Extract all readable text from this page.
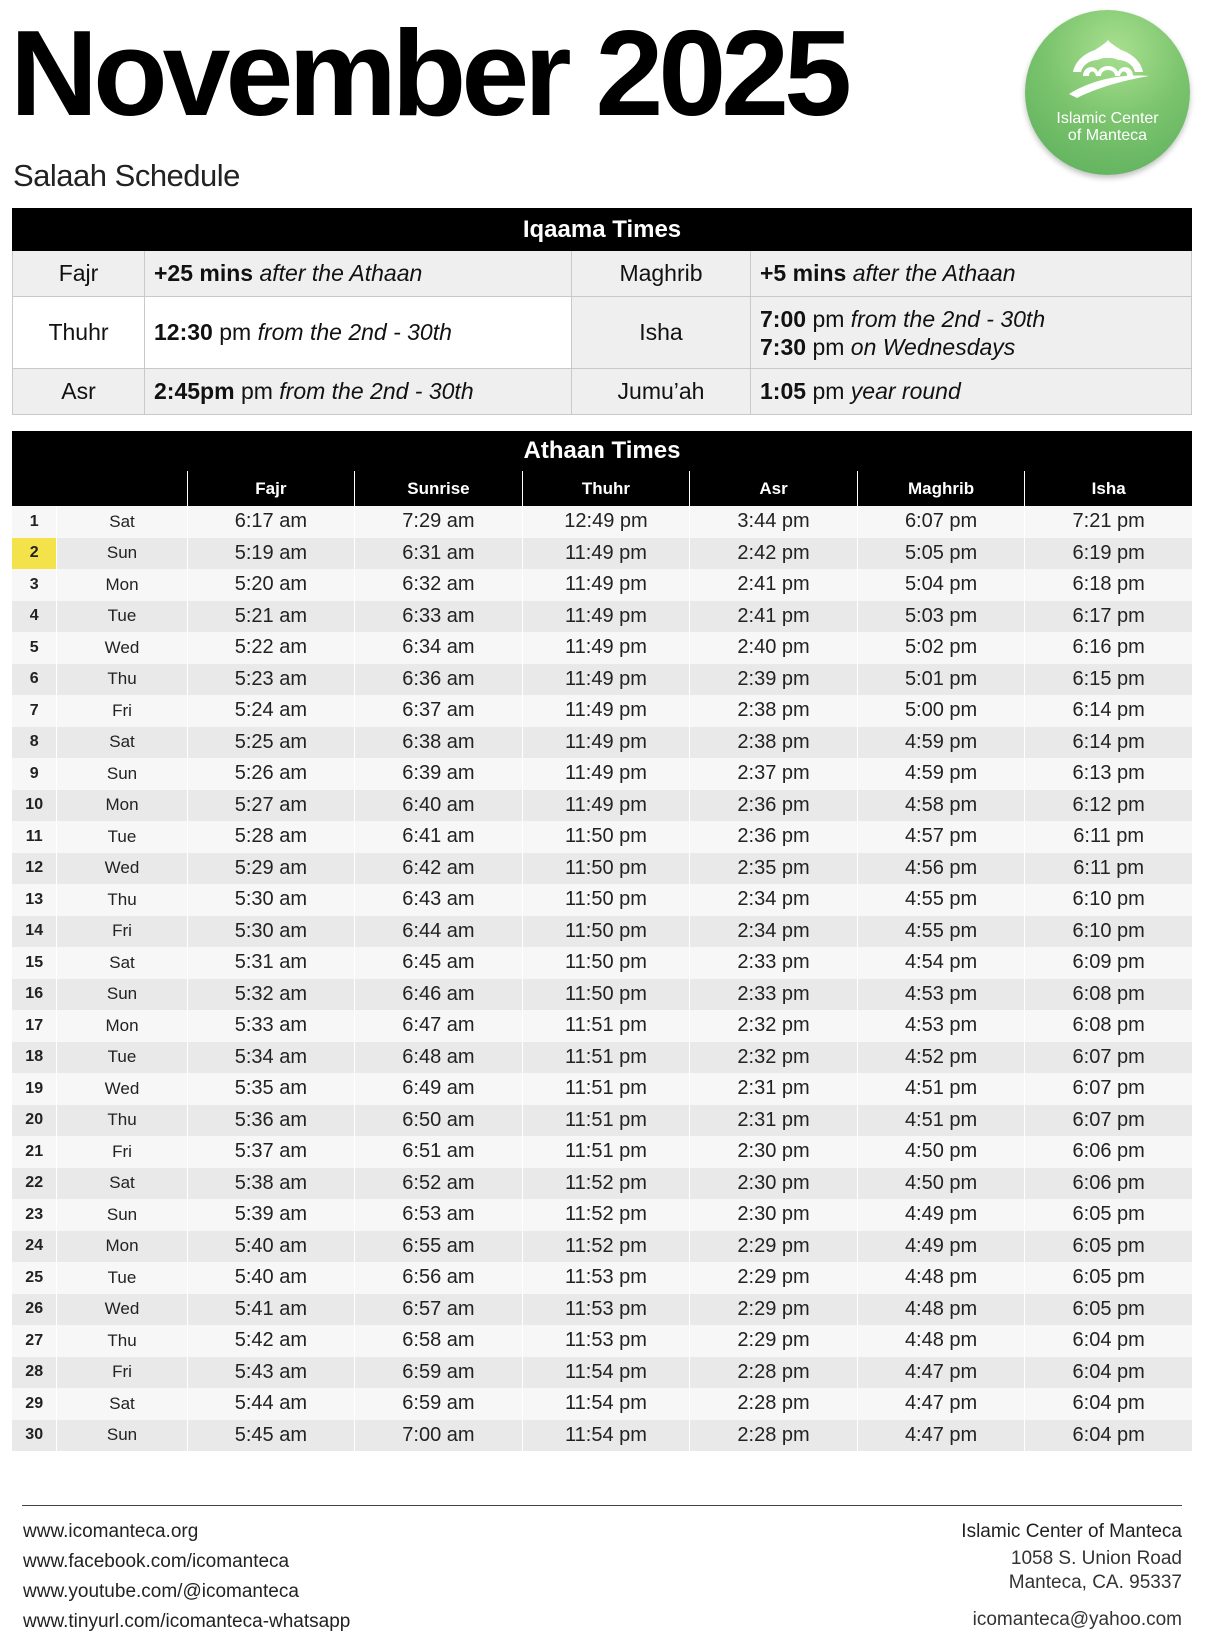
November 2025
Salaah Schedule
Islamic Center
of Manteca
Iqaama Times			
Fajr	+25 mins after the Athaan	Maghrib	+5 mins after the Athaan
Thuhr	12:30 pm from the 2nd - 30th	Isha	7:00 pm from the 2nd - 30th
7:30 pm on Wednesdays

Asr	2:45pm pm from the 2nd - 30th	Jumu’ah	1:05 pm year round
Athaan Times							
		Fajr	Sunrise	Thuhr	Asr	Maghrib	Isha
1	Sat	6:17 am	7:29 am	12:49 pm	3:44 pm	6:07 pm	7:21 pm
2	Sun	5:19 am	6:31 am	11:49 pm	2:42 pm	5:05 pm	6:19 pm
3	Mon	5:20 am	6:32 am	11:49 pm	2:41 pm	5:04 pm	6:18 pm
4	Tue	5:21 am	6:33 am	11:49 pm	2:41 pm	5:03 pm	6:17 pm
5	Wed	5:22 am	6:34 am	11:49 pm	2:40 pm	5:02 pm	6:16 pm
6	Thu	5:23 am	6:36 am	11:49 pm	2:39 pm	5:01 pm	6:15 pm
7	Fri	5:24 am	6:37 am	11:49 pm	2:38 pm	5:00 pm	6:14 pm
8	Sat	5:25 am	6:38 am	11:49 pm	2:38 pm	4:59 pm	6:14 pm
9	Sun	5:26 am	6:39 am	11:49 pm	2:37 pm	4:59 pm	6:13 pm
10	Mon	5:27 am	6:40 am	11:49 pm	2:36 pm	4:58 pm	6:12 pm
11	Tue	5:28 am	6:41 am	11:50 pm	2:36 pm	4:57 pm	6:11 pm
12	Wed	5:29 am	6:42 am	11:50 pm	2:35 pm	4:56 pm	6:11 pm
13	Thu	5:30 am	6:43 am	11:50 pm	2:34 pm	4:55 pm	6:10 pm
14	Fri	5:30 am	6:44 am	11:50 pm	2:34 pm	4:55 pm	6:10 pm
15	Sat	5:31 am	6:45 am	11:50 pm	2:33 pm	4:54 pm	6:09 pm
16	Sun	5:32 am	6:46 am	11:50 pm	2:33 pm	4:53 pm	6:08 pm
17	Mon	5:33 am	6:47 am	11:51 pm	2:32 pm	4:53 pm	6:08 pm
18	Tue	5:34 am	6:48 am	11:51 pm	2:32 pm	4:52 pm	6:07 pm
19	Wed	5:35 am	6:49 am	11:51 pm	2:31 pm	4:51 pm	6:07 pm
20	Thu	5:36 am	6:50 am	11:51 pm	2:31 pm	4:51 pm	6:07 pm
21	Fri	5:37 am	6:51 am	11:51 pm	2:30 pm	4:50 pm	6:06 pm
22	Sat	5:38 am	6:52 am	11:52 pm	2:30 pm	4:50 pm	6:06 pm
23	Sun	5:39 am	6:53 am	11:52 pm	2:30 pm	4:49 pm	6:05 pm
24	Mon	5:40 am	6:55 am	11:52 pm	2:29 pm	4:49 pm	6:05 pm
25	Tue	5:40 am	6:56 am	11:53 pm	2:29 pm	4:48 pm	6:05 pm
26	Wed	5:41 am	6:57 am	11:53 pm	2:29 pm	4:48 pm	6:05 pm
27	Thu	5:42 am	6:58 am	11:53 pm	2:29 pm	4:48 pm	6:04 pm
28	Fri	5:43 am	6:59 am	11:54 pm	2:28 pm	4:47 pm	6:04 pm
29	Sat	5:44 am	6:59 am	11:54 pm	2:28 pm	4:47 pm	6:04 pm
30	Sun	5:45 am	7:00 am	11:54 pm	2:28 pm	4:47 pm	6:04 pm
www.icomanteca.org
www.facebook.com/icomanteca
www.youtube.com/@icomanteca
www.tinyurl.com/icomanteca-whatsapp
Islamic Center of Manteca
1058 S. Union Road
Manteca, CA. 95337
icomanteca@yahoo.com
